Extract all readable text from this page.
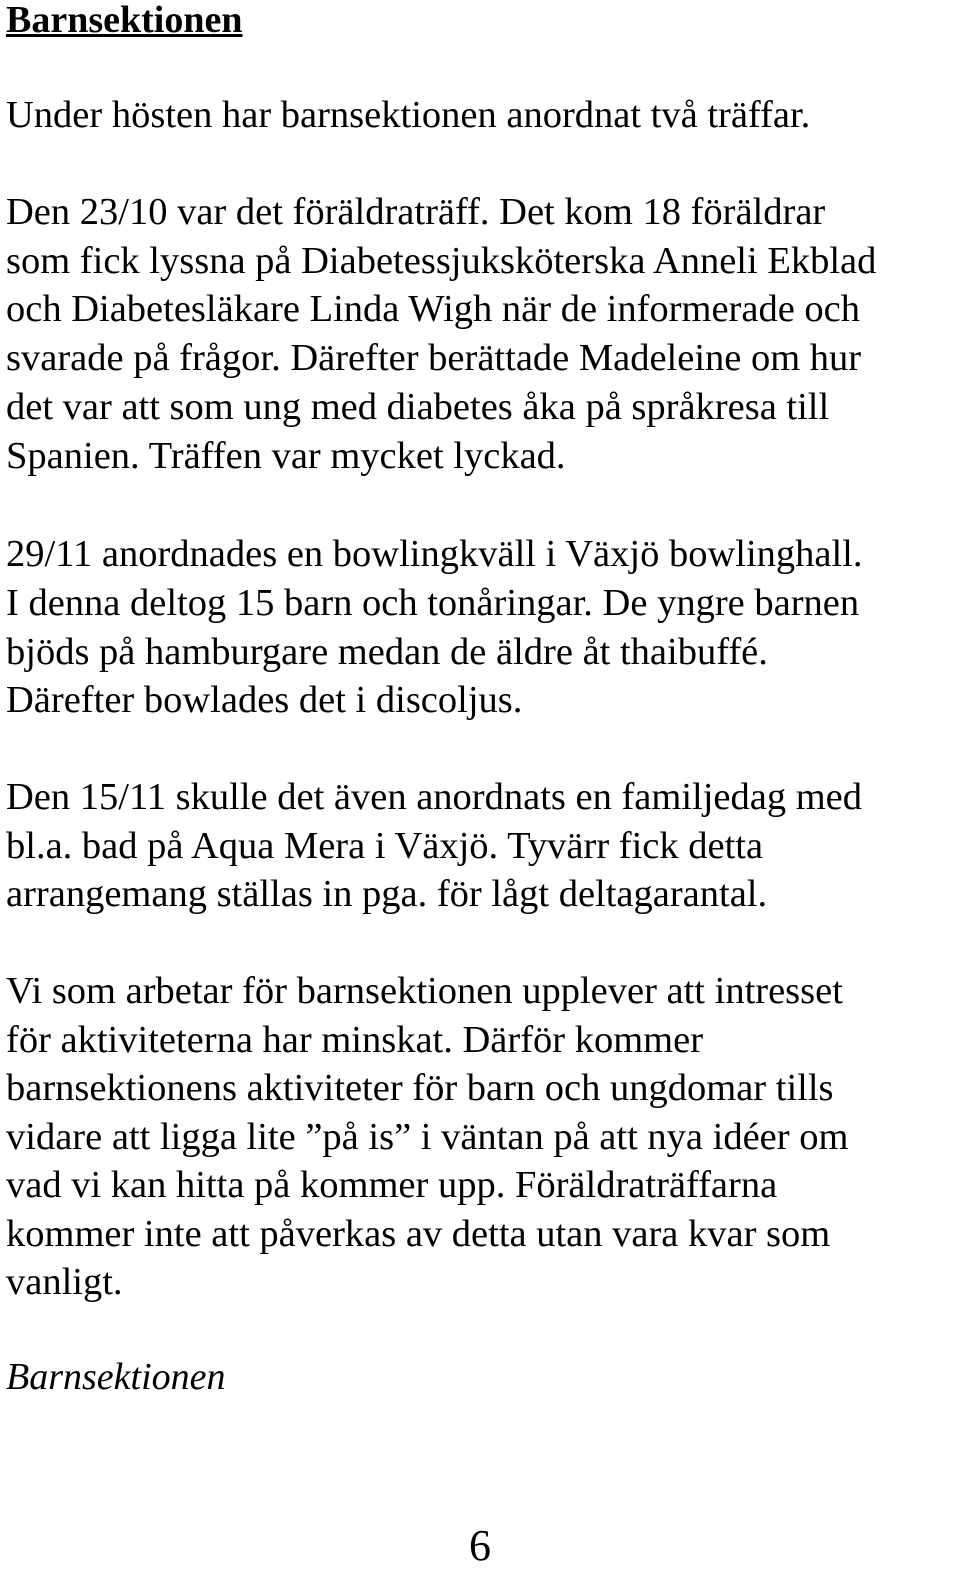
Barnsektionen

Under hösten har barnsektionen anordnat två träffar.

Den 23/10 var det föräldraträff. Det kom 18 föräldrar

som fick lyssna på Diabetessjuksköterska Anneli Ekblad

och Diabetesläkare Linda Wigh när de informerade och

svarade på frågor. Därefter berättade Madeleine om hur

det var att som ung med diabetes åka på språkresa till

Spanien. Träffen var mycket lyckad.

29/11 anordnades en bowlingkväll i Växjö bowlinghall.

I denna deltog 15 barn och tonåringar. De yngre barnen

bjöds på hamburgare medan de äldre åt thaibuffé.

Därefter bowlades det i discoljus.

Den 15/11 skulle det även anordnats en familjedag med

bl.a. bad på Aqua Mera i Växjö. Tyvärr fick detta

arrangemang ställas in pga. för lågt deltagarantal.

Vi som arbetar för barnsektionen upplever att intresset

för aktiviteterna har minskat. Därför kommer

barnsektionens aktiviteter för barn och ungdomar tills

vidare att ligga lite ”på is” i väntan på att nya idéer om

vad vi kan hitta på kommer upp. Föräldraträffarna

kommer inte att påverkas av detta utan vara kvar som

vanligt.

Barnsektionen

6
